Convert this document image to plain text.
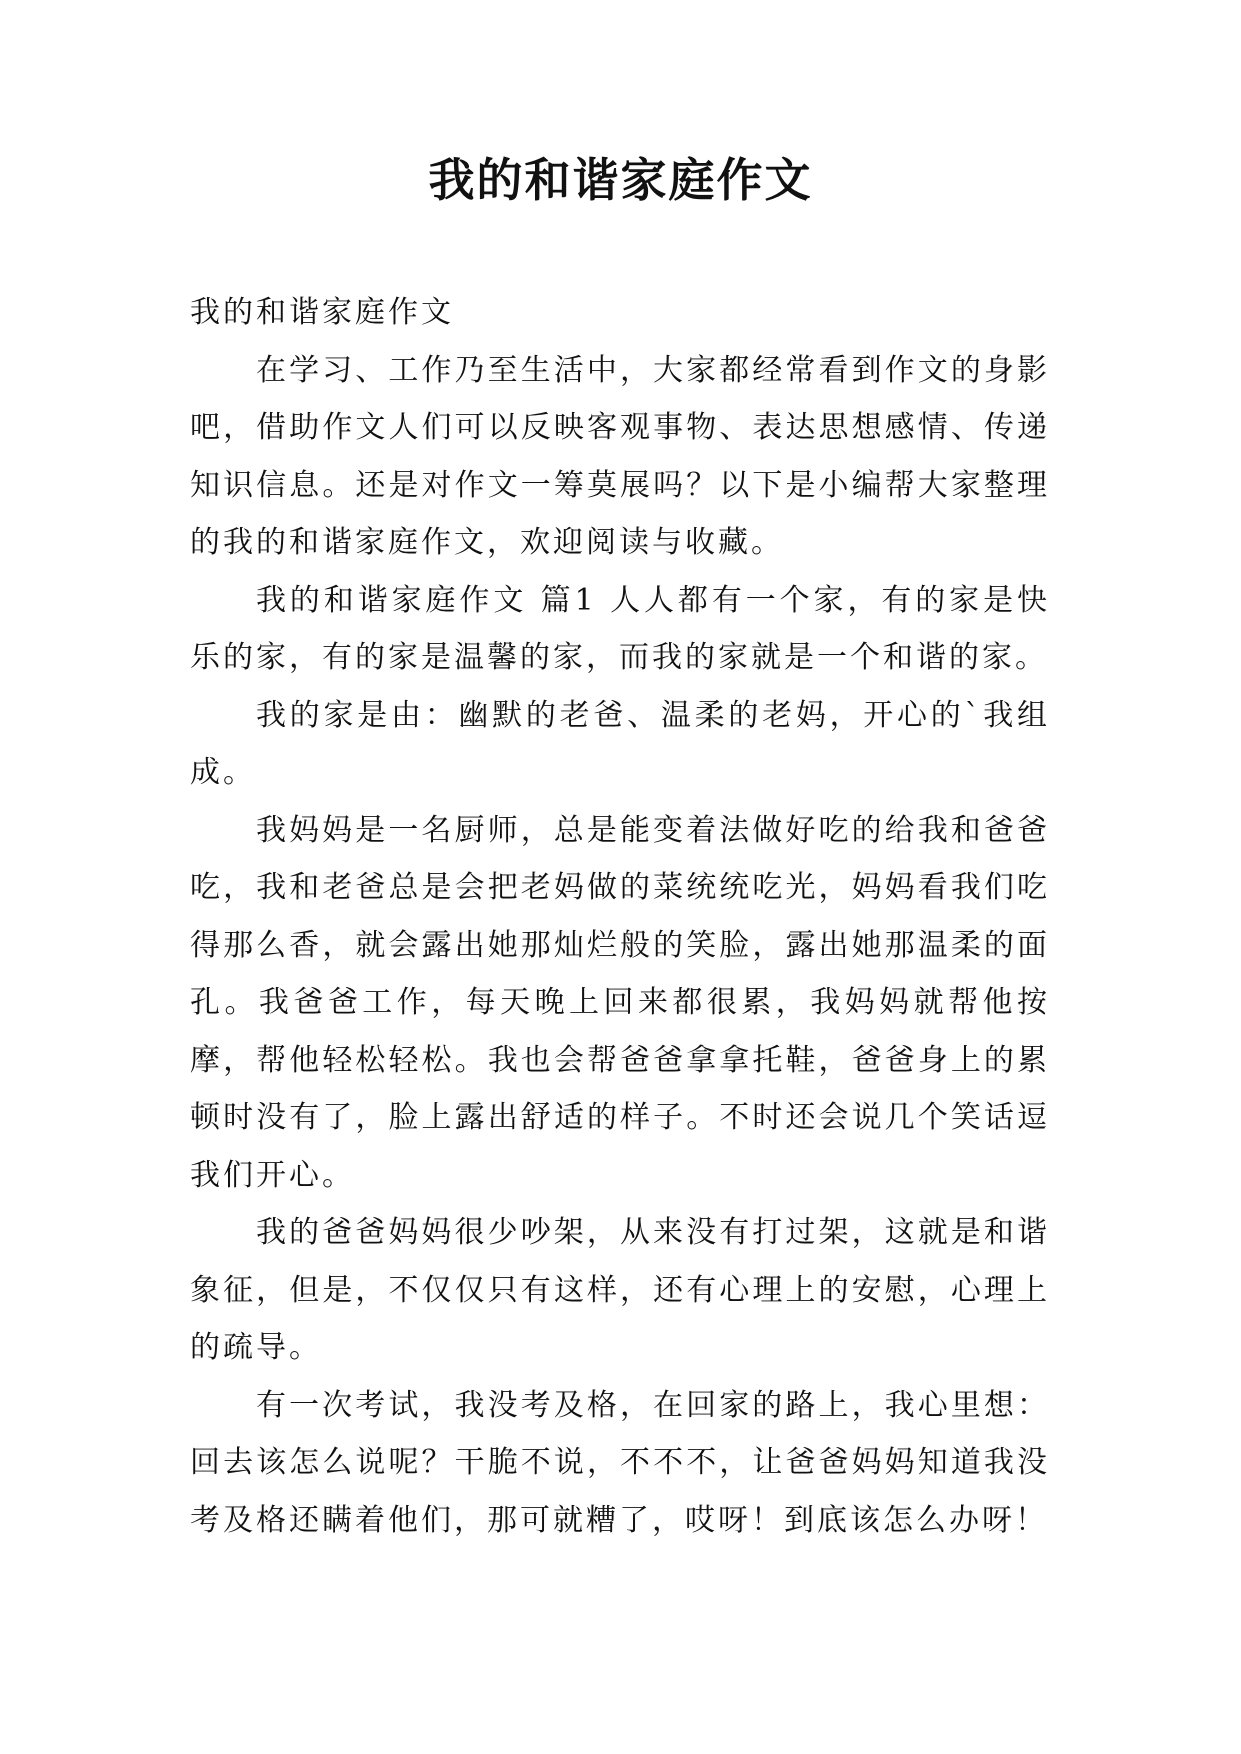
我的和谐家庭作文

我的和谐家庭作文

在学习、工作乃至生活中，大家都经常看到作文的身影吧，借助作文人们可以反映客观事物、表达思想感情、传递知识信息。还是对作文一筹莫展吗？以下是小编帮大家整理的我的和谐家庭作文，欢迎阅读与收藏。

我的和谐家庭作文 篇1 人人都有一个家，有的家是快乐的家，有的家是温馨的家，而我的家就是一个和谐的家。

我的家是由：幽默的老爸、温柔的老妈，开心的`我组成。

我妈妈是一名厨师，总是能变着法做好吃的给我和爸爸吃，我和老爸总是会把老妈做的菜统统吃光，妈妈看我们吃得那么香，就会露出她那灿烂般的笑脸，露出她那温柔的面孔。我爸爸工作，每天晚上回来都很累，我妈妈就帮他按摩，帮他轻松轻松。我也会帮爸爸拿拿托鞋，爸爸身上的累顿时没有了，脸上露出舒适的样子。不时还会说几个笑话逗我们开心。

我的爸爸妈妈很少吵架，从来没有打过架，这就是和谐象征，但是，不仅仅只有这样，还有心理上的安慰，心理上的疏导。

有一次考试，我没考及格，在回家的路上，我心里想：回去该怎么说呢？干脆不说，不不不，让爸爸妈妈知道我没考及格还瞒着他们，那可就糟了，哎呀！到底该怎么办呀！
